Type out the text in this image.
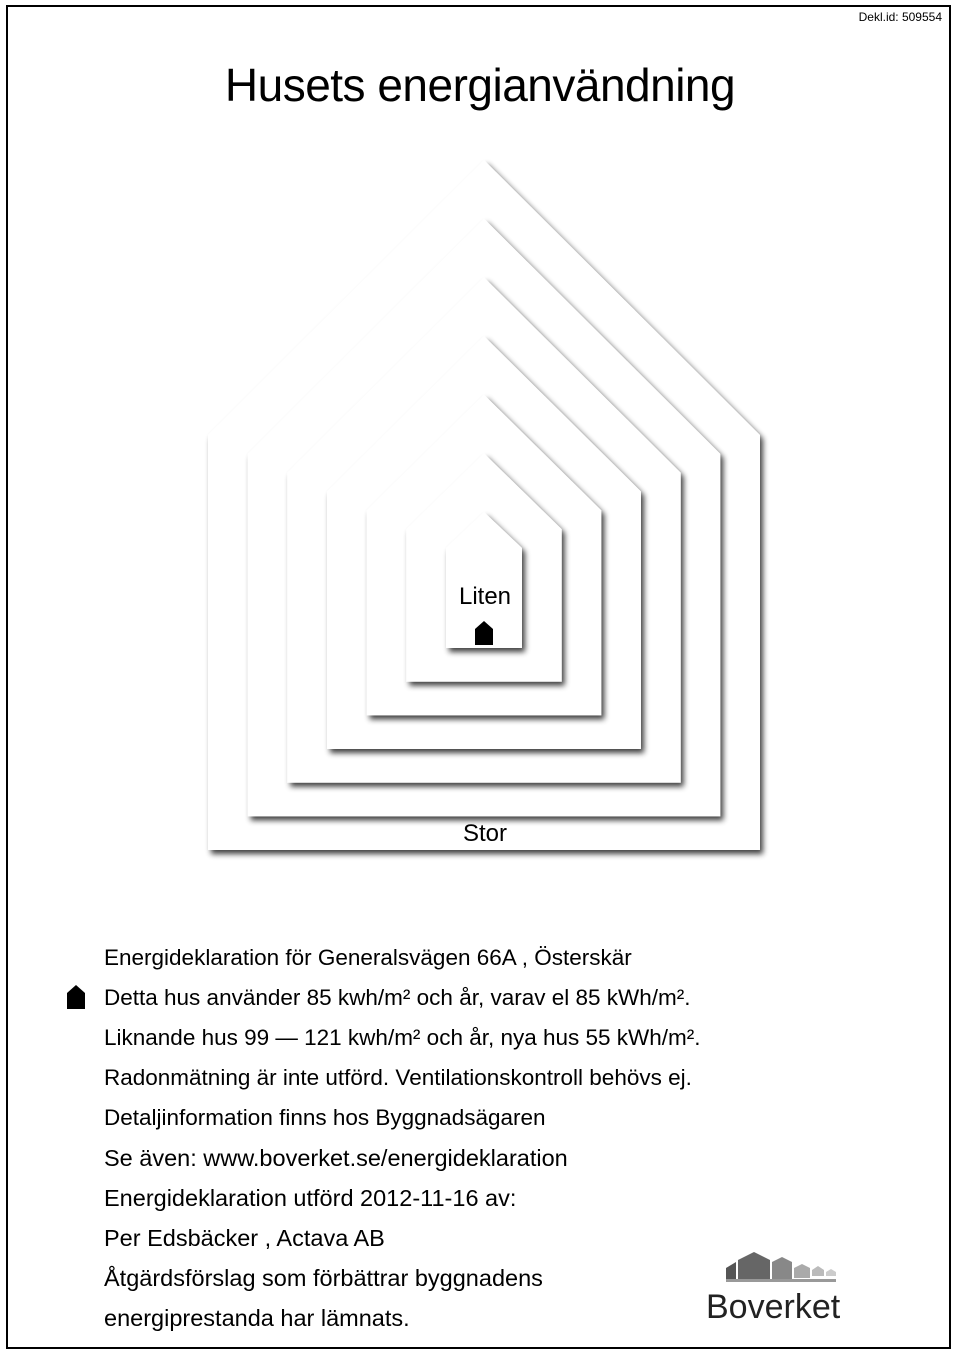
Dekl.id: 509554
Husets energianvändning
Liten
Stor
Energideklaration för Generalsvägen 66A , Österskär
Detta hus använder 85 kwh/m² och år, varav el 85 kWh/m².
Liknande hus 99 — 121 kwh/m² och år, nya hus 55 kWh/m².
Radonmätning är inte utförd. Ventilationskontroll behövs ej.
Detaljinformation finns hos Byggnadsägaren
Se även: www.boverket.se/energideklaration
Energideklaration utförd 2012-11-16 av:
Per Edsbäcker , Actava AB
Åtgärdsförslag som förbättrar byggnadens
energiprestanda har lämnats.	Boverket
